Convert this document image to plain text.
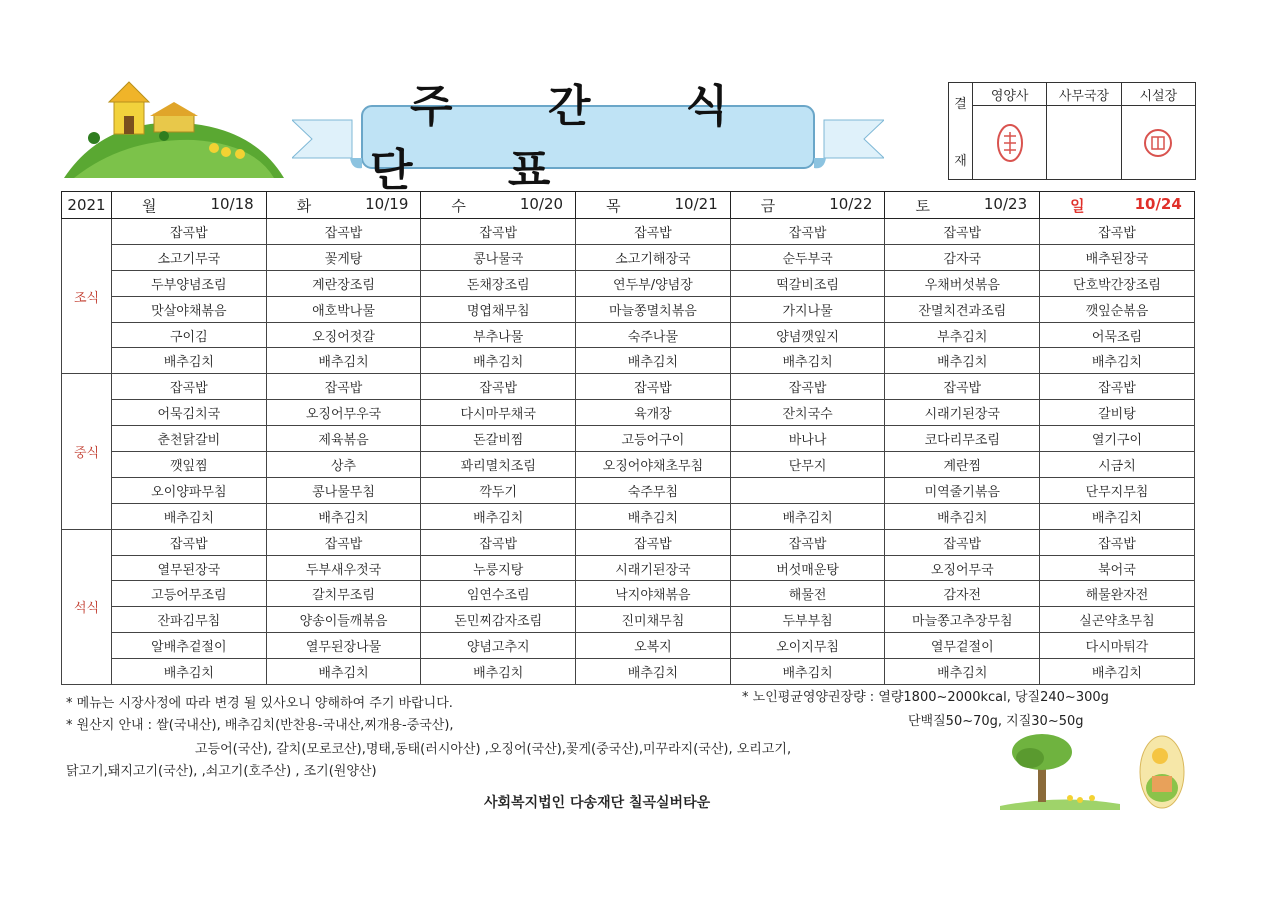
주 간 식 단 표
결
재
영양사	사무국장	시설장
2021	월 10/18	화 10/19	수 10/20	목 10/21	금 10/22	토 10/23	일 10/24

조식	잡곡밥	잡곡밥	잡곡밥	잡곡밥	잡곡밥	잡곡밥	잡곡밥
	소고기무국	꽃게탕	콩나물국	소고기해장국	순두부국	감자국	배추된장국
	두부양념조림	계란장조림	돈채장조림	연두부/양념장	떡갈비조림	우채버섯볶음	단호박간장조림
	맛살야채볶음	애호박나물	명엽채무침	마늘쫑멸치볶음	가지나물	잔멸치견과조림	깻잎순볶음
	구이김	오징어젓갈	부추나물	숙주나물	양념깻잎지	부추김치	어묵조림
	배추김치	배추김치	배추김치	배추김치	배추김치	배추김치	배추김치
중식	잡곡밥	잡곡밥	잡곡밥	잡곡밥	잡곡밥	잡곡밥	잡곡밥
	어묵김치국	오징어무우국	다시마무채국	육개장	잔치국수	시래기된장국	갈비탕
	춘천닭갈비	제육볶음	돈갈비찜	고등어구이	바나나	코다리무조림	열기구이
	깻잎찜	상추	꽈리멸치조림	오징어야채초무침	단무지	계란찜	시금치
	오이양파무침	콩나물무침	깍두기	숙주무침		미역줄기볶음	단무지무침
	배추김치	배추김치	배추김치	배추김치	배추김치	배추김치	배추김치
석식	잡곡밥	잡곡밥	잡곡밥	잡곡밥	잡곡밥	잡곡밥	잡곡밥
	열무된장국	두부새우젓국	누룽지탕	시래기된장국	버섯매운탕	오징어무국	북어국
	고등어무조림	갈치무조림	임연수조림	낙지야채볶음	해물전	감자전	해물완자전
	잔파김무침	양송이들깨볶음	돈민찌감자조림	진미채무침	두부부침	마늘쫑고추장무침	실곤약초무침
	알배추겉절이	열무된장나물	양념고추지	오복지	오이지무침	열무겉절이	다시마튀각
	배추김치	배추김치	배추김치	배추김치	배추김치	배추김치	배추김치
* 메뉴는 시장사정에 따라 변경 될 있사오니 양해하여 주기 바랍니다.
* 원산지 안내 : 쌀(국내산), 배추김치(반찬용-국내산,찌개용-중국산),
고등어(국산), 갈치(모로코산),명태,동태(러시아산) ,오징어(국산),꽃게(중국산),미꾸라지(국산), 오리고기,
닭고기,돼지고기(국산), ,쇠고기(호주산) , 조기(원양산)
* 노인평균영양권장량 : 열량1800~2000kcal, 당질240~300g
단백질50~70g, 지질30~50g
사회복지법인 다송재단 칠곡실버타운
